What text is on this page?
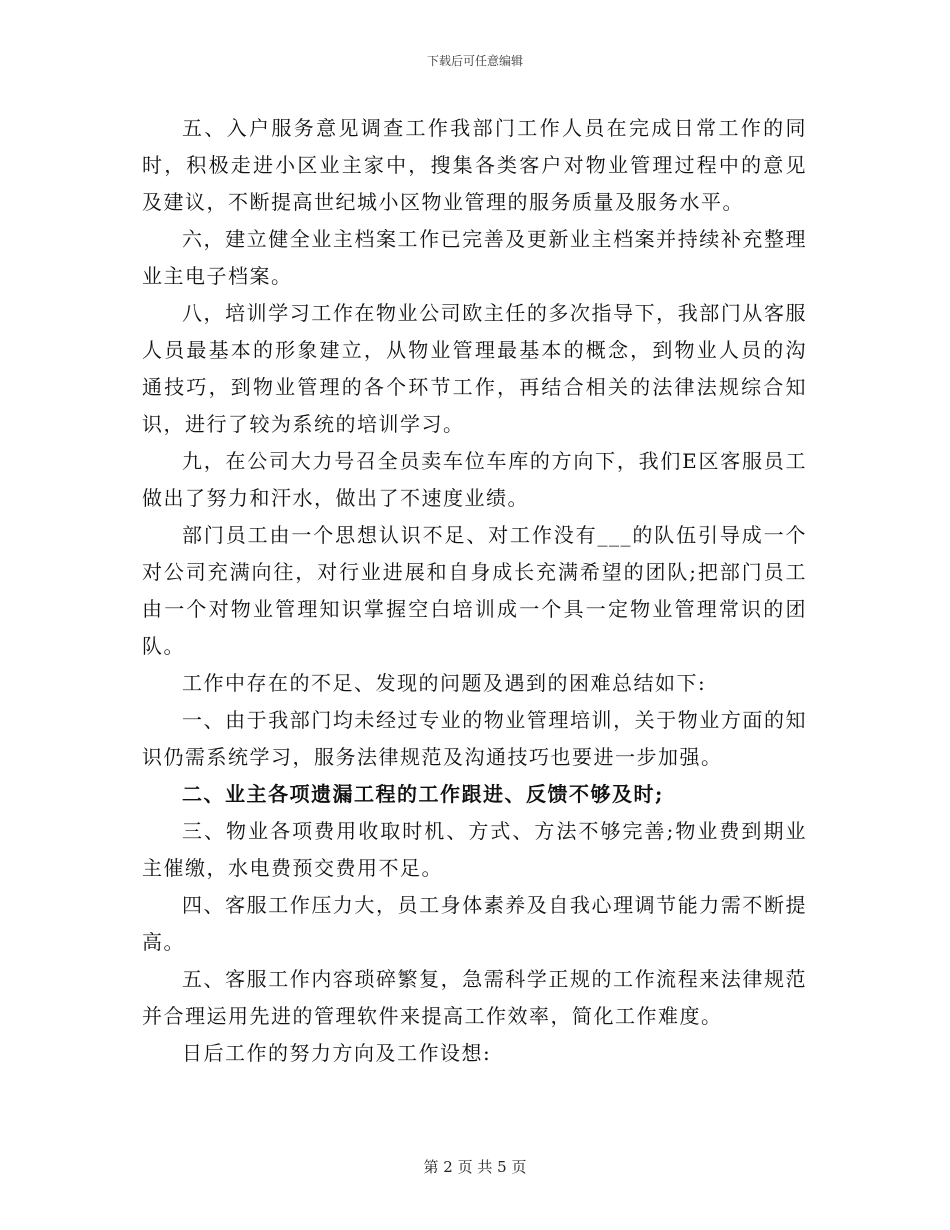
下载后可任意编辑

五、入户服务意见调查工作我部门工作人员在完成日常工作的同时，积极走进小区业主家中，搜集各类客户对物业管理过程中的意见及建议，不断提高世纪城小区物业管理的服务质量及服务水平。

六，建立健全业主档案工作已完善及更新业主档案并持续补充整理业主电子档案。

八，培训学习工作在物业公司欧主任的多次指导下，我部门从客服人员最基本的形象建立，从物业管理最基本的概念，到物业人员的沟通技巧，到物业管理的各个环节工作，再结合相关的法律法规综合知识，进行了较为系统的培训学习。

九，在公司大力号召全员卖车位车库的方向下，我们E区客服员工做出了努力和汗水，做出了不速度业绩。

部门员工由一个思想认识不足、对工作没有___的队伍引导成一个对公司充满向往，对行业进展和自身成长充满希望的团队;把部门员工由一个对物业管理知识掌握空白培训成一个具一定物业管理常识的团队。

工作中存在的不足、发现的问题及遇到的困难总结如下:

一、由于我部门均未经过专业的物业管理培训，关于物业方面的知识仍需系统学习，服务法律规范及沟通技巧也要进一步加强。

二、业主各项遗漏工程的工作跟进、反馈不够及时;

三、物业各项费用收取时机、方式、方法不够完善;物业费到期业主催缴，水电费预交费用不足。

四、客服工作压力大，员工身体素养及自我心理调节能力需不断提高。

五、客服工作内容琐碎繁复，急需科学正规的工作流程来法律规范并合理运用先进的管理软件来提高工作效率，简化工作难度。

日后工作的努力方向及工作设想:

第 2 页 共 5 页
